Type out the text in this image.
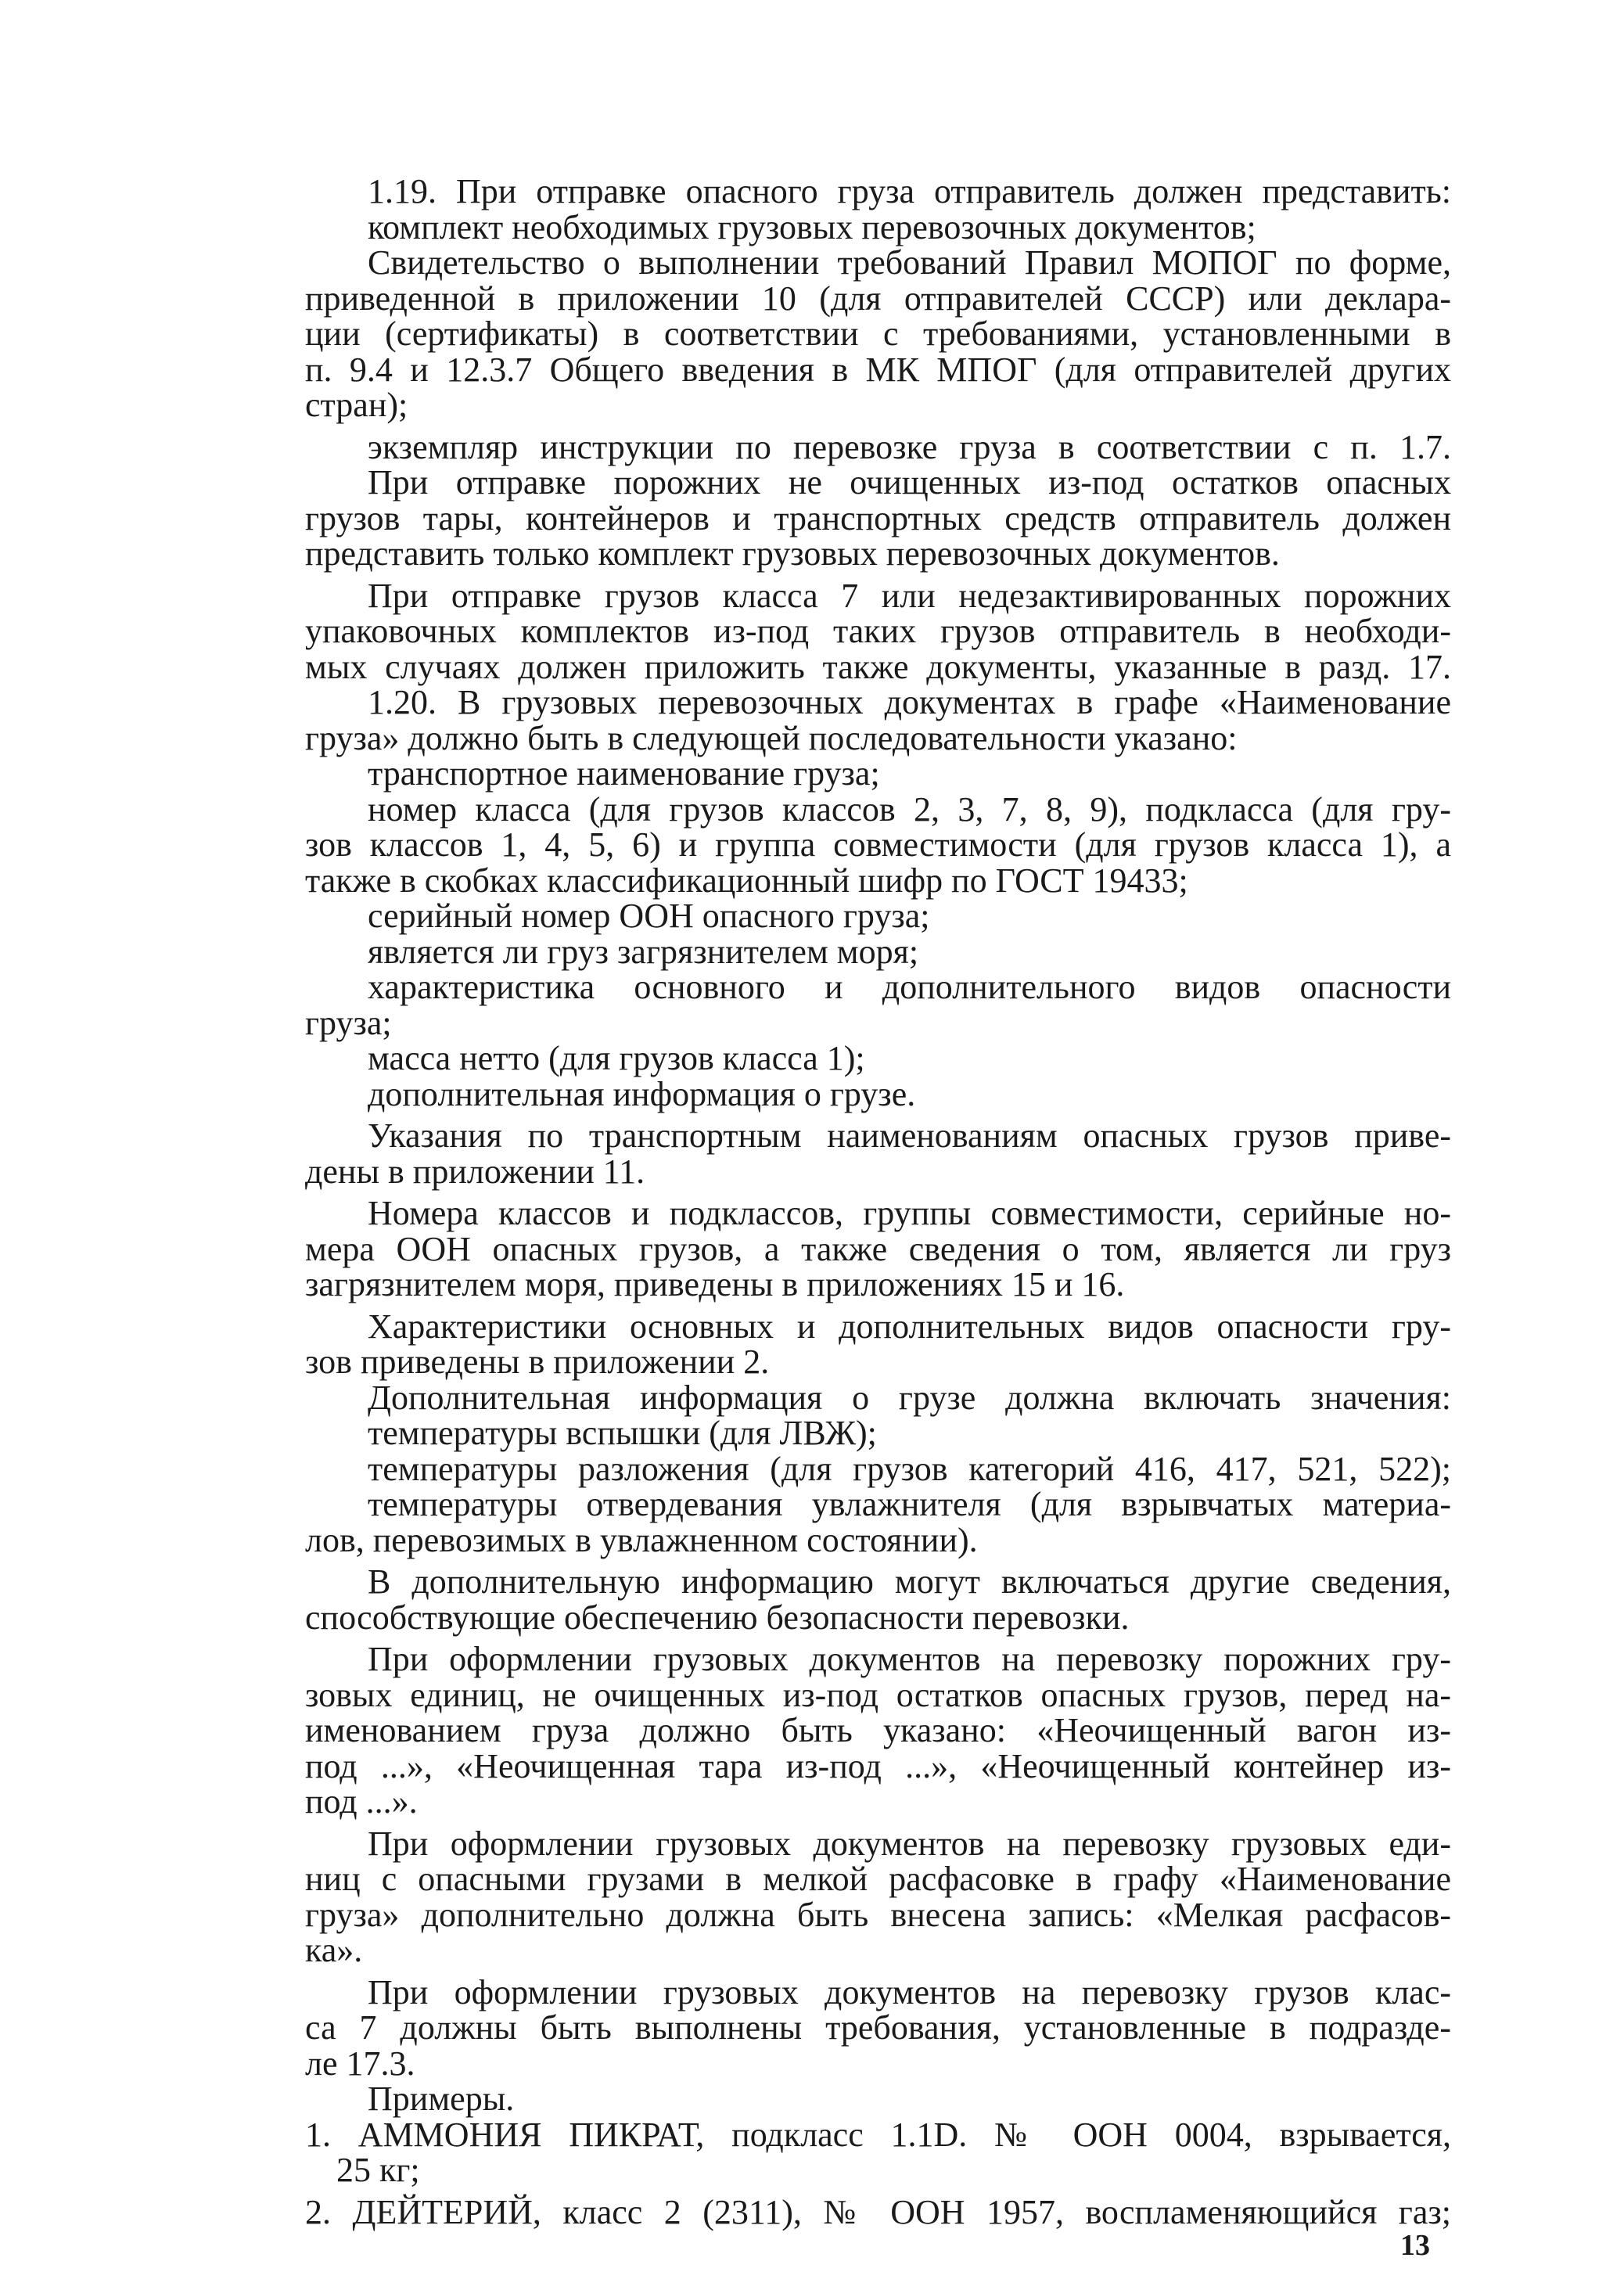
1.19. При отправке опасного груза отправитель должен представить:
комплект необходимых грузовых перевозочных документов;
Свидетельство о выполнении требований Правил МОПОГ по форме,
приведенной в приложении 10 (для отправителей СССР) или деклара-
ции (сертификаты) в соответствии с требованиями, установленными в
п. 9.4 и 12.3.7 Общего введения в МК МПОГ (для отправителей других
стран);
экземпляр инструкции по перевозке груза в соответствии с п. 1.7.
При отправке порожних не очищенных из-под остатков опасных
грузов тары, контейнеров и транспортных средств отправитель должен
представить только комплект грузовых перевозочных документов.
При отправке грузов класса 7 или недезактивированных порожних
упаковочных комплектов из-под таких грузов отправитель в необходи-
мых случаях должен приложить также документы, указанные в разд. 17.
1.20. В грузовых перевозочных документах в графе «Наименование
груза» должно быть в следующей последовательности указано:
транспортное наименование груза;
номер класса (для грузов классов 2, 3, 7, 8, 9), подкласса (для гру-
зов классов 1, 4, 5, 6) и группа совместимости (для грузов класса 1), а
также в скобках классификационный шифр по ГОСТ 19433;
серийный номер ООН опасного груза;
является ли груз загрязнителем моря;
характеристика основного и дополнительного видов опасности
груза;
масса нетто (для грузов класса 1);
дополнительная информация о грузе.
Указания по транспортным наименованиям опасных грузов приве-
дены в приложении 11.
Номера классов и подклассов, группы совместимости, серийные но-
мера ООН опасных грузов, а также сведения о том, является ли груз
загрязнителем моря, приведены в приложениях 15 и 16.
Характеристики основных и дополнительных видов опасности гру-
зов приведены в приложении 2.
Дополнительная информация о грузе должна включать значения:
температуры вспышки (для ЛВЖ);
температуры разложения (для грузов категорий 416, 417, 521, 522);
температуры отвердевания увлажнителя (для взрывчатых материа-
лов, перевозимых в увлажненном состоянии).
В дополнительную информацию могут включаться другие сведения,
способствующие обеспечению безопасности перевозки.
При оформлении грузовых документов на перевозку порожних гру-
зовых единиц, не очищенных из-под остатков опасных грузов, перед на-
именованием груза должно быть указано: «Неочищенный вагон из-
под ...», «Неочищенная тара из-под ...», «Неочищенный контейнер из-
под ...».
При оформлении грузовых документов на перевозку грузовых еди-
ниц с опасными грузами в мелкой расфасовке в графу «Наименование
груза» дополнительно должна быть внесена запись: «Мелкая расфасов-
ка».
При оформлении грузовых документов на перевозку грузов клас-
са 7 должны быть выполнены требования, установленные в подразде-
ле 17.3.
Примеры.
1. АММОНИЯ ПИКРАТ, подкласс 1.1D. № ООН 0004, взрывается,
25 кг;
2. ДЕЙТЕРИЙ, класс 2 (2311), № ООН 1957, воспламеняющийся газ;
13
